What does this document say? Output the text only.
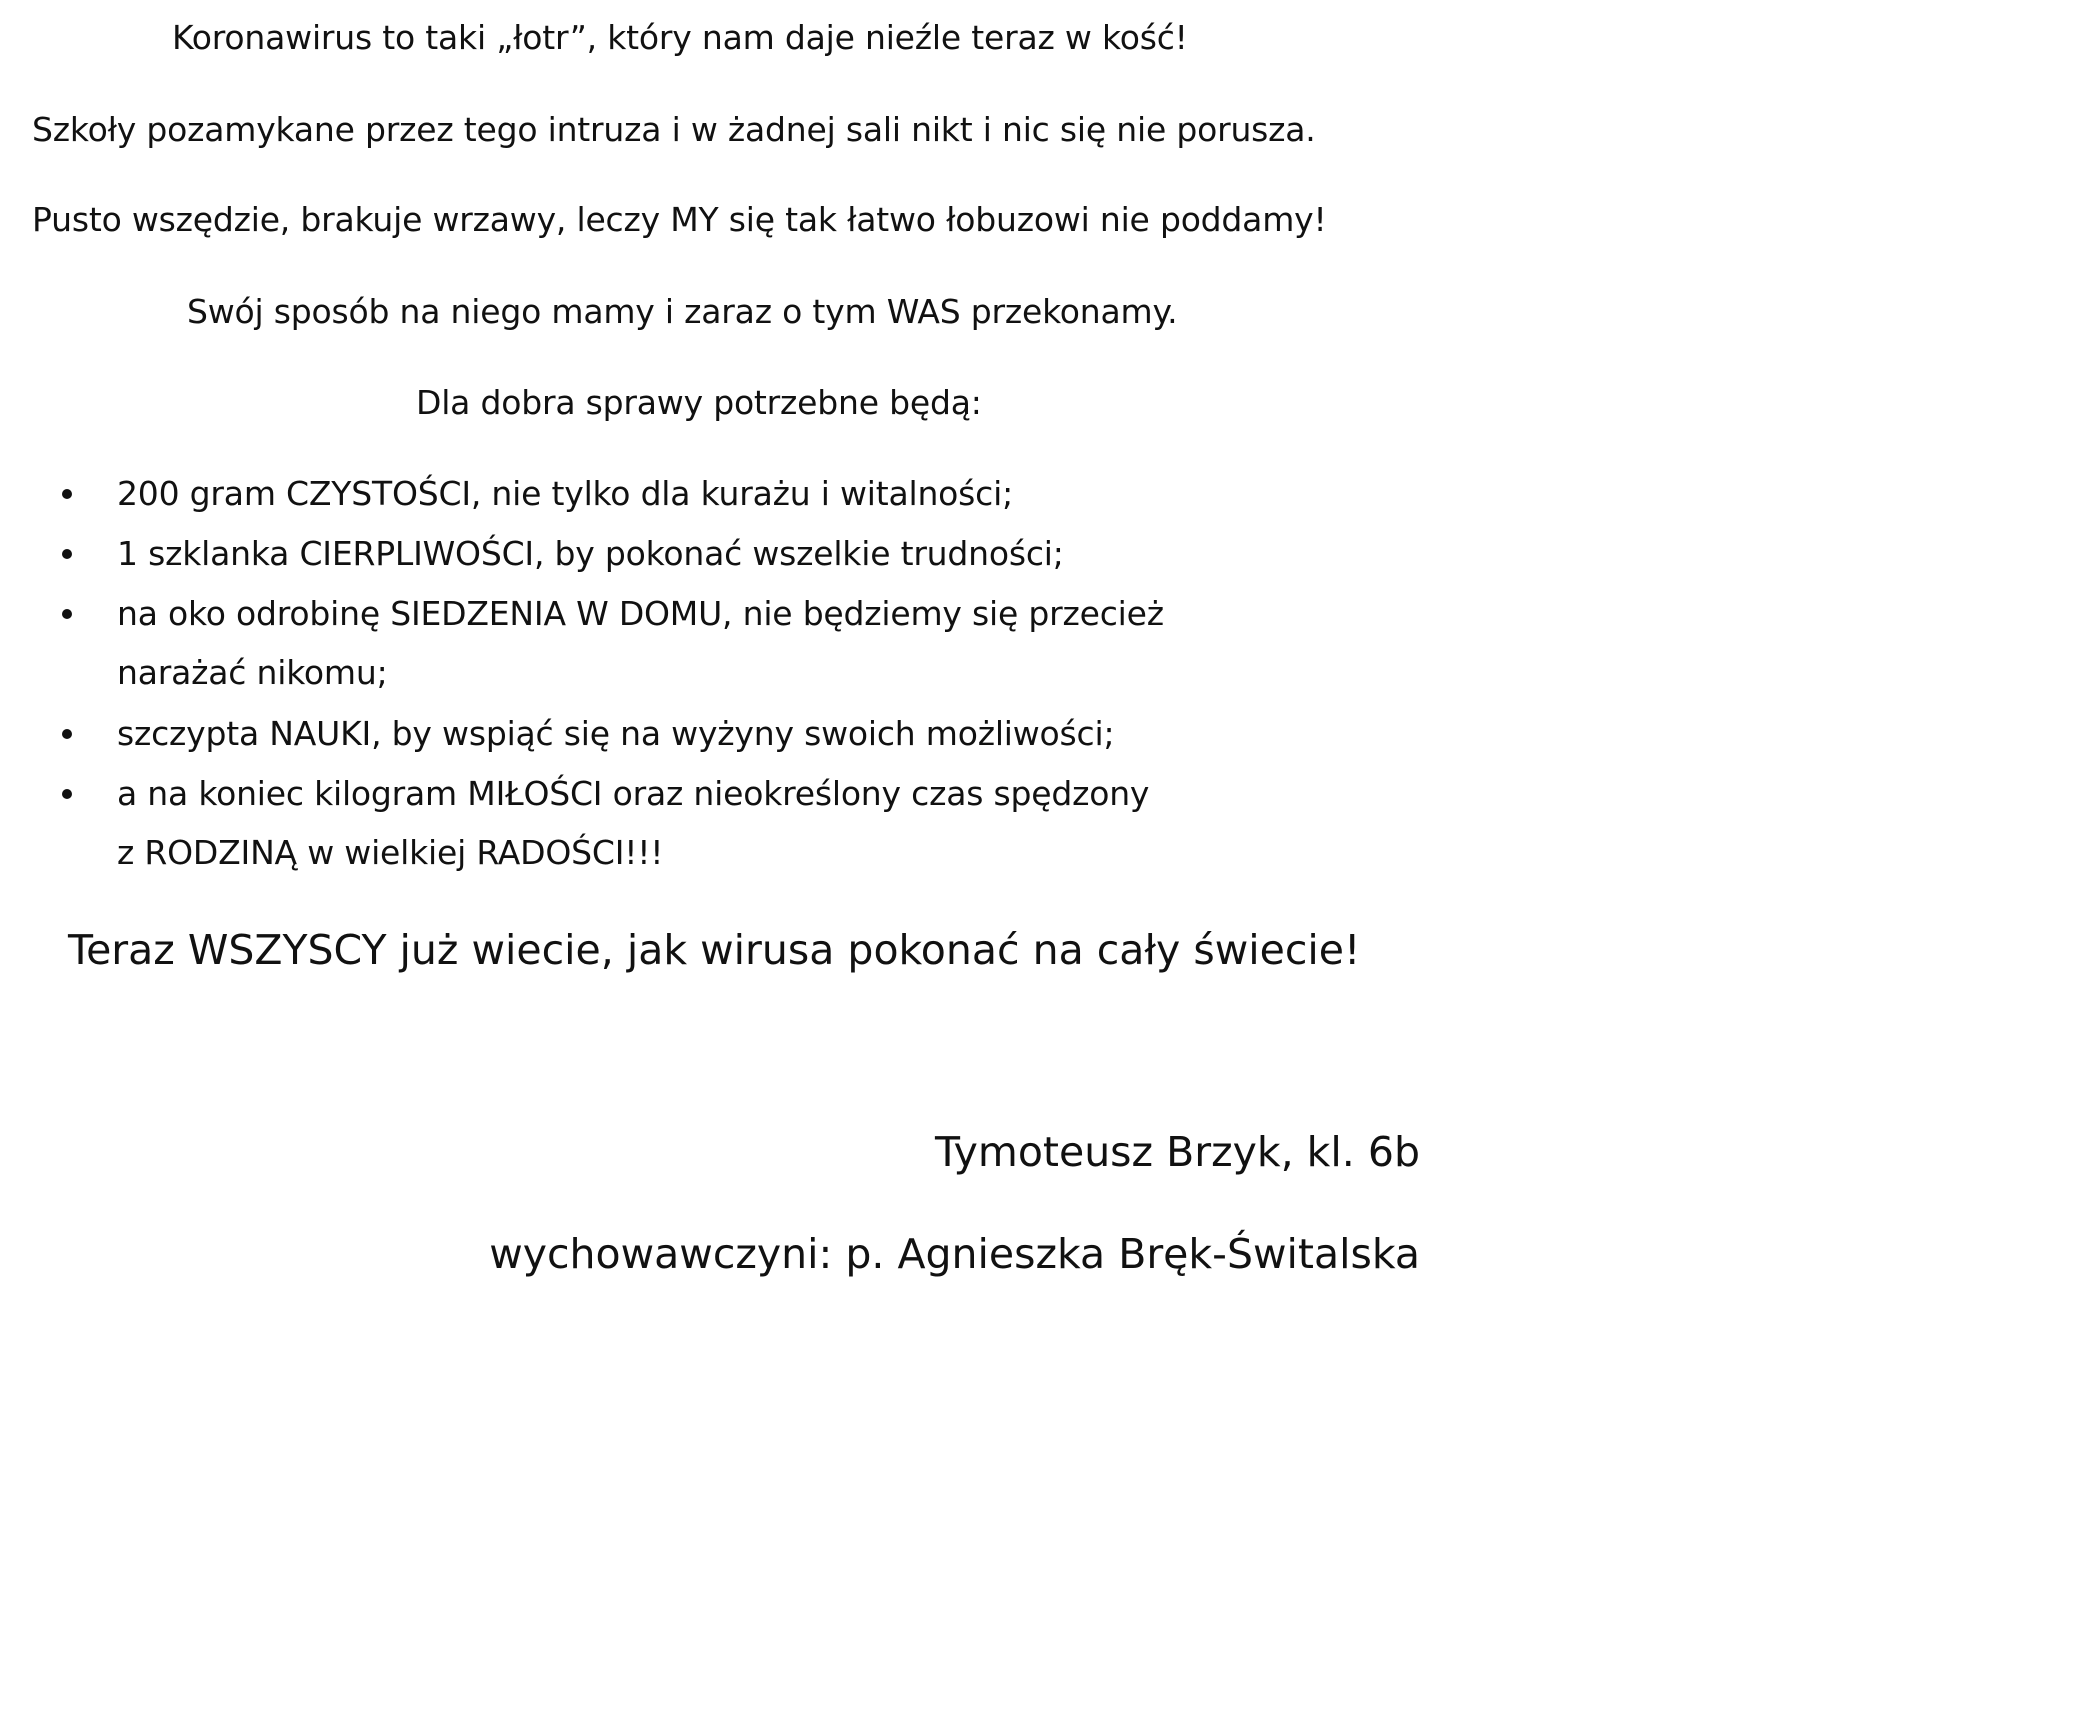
Koronawirus to taki „łotr”, który nam daje nieźle teraz w kość!
Szkoły pozamykane przez tego intruza i w żadnej sali nikt i nic się nie porusza.
Pusto wszędzie, brakuje wrzawy, leczy MY się tak łatwo łobuzowi nie poddamy!
Swój sposób na niego mamy i zaraz o tym WAS przekonamy.
Dla dobra sprawy potrzebne będą:
200 gram CZYSTOŚCI, nie tylko dla kurażu i witalności;
1 szklanka CIERPLIWOŚCI, by pokonać wszelkie trudności;
na oko odrobinę SIEDZENIA W DOMU, nie będziemy się przecież
narażać nikomu;
szczypta NAUKI, by wspiąć się na wyżyny swoich możliwości;
a na koniec kilogram MIŁOŚCI oraz nieokreślony czas spędzony
z RODZINĄ w wielkiej RADOŚCI!!!
Teraz WSZYSCY już wiecie, jak wirusa pokonać na cały świecie!
Tymoteusz Brzyk, kl. 6b
wychowawczyni: p. Agnieszka Bręk-Świtalska
